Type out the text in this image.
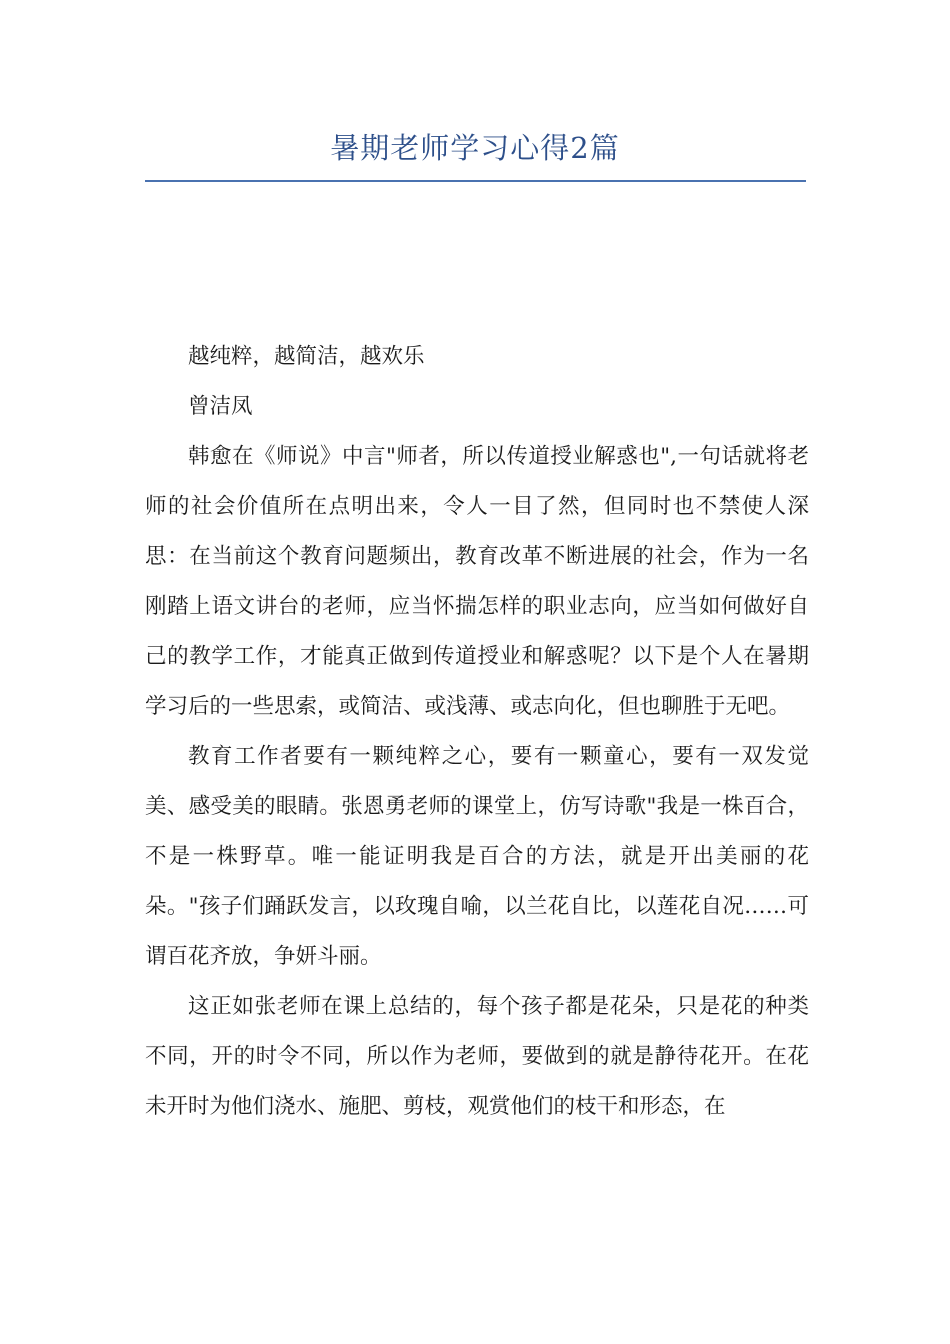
暑期老师学习心得2篇

越纯粹，越简洁，越欢乐

曾洁凤

韩愈在《师说》中言"师者，所以传道授业解惑也",一句话就将老师的社会价值所在点明出来，令人一目了然，但同时也不禁使人深思：在当前这个教育问题频出，教育改革不断进展的社会，作为一名刚踏上语文讲台的老师，应当怀揣怎样的职业志向，应当如何做好自己的教学工作，才能真正做到传道授业和解惑呢？以下是个人在暑期学习后的一些思索，或简洁、或浅薄、或志向化，但也聊胜于无吧。

教育工作者要有一颗纯粹之心，要有一颗童心，要有一双发觉美、感受美的眼睛。张恩勇老师的课堂上，仿写诗歌"我是一株百合，不是一株野草。唯一能证明我是百合的方法，就是开出美丽的花朵。"孩子们踊跃发言，以玫瑰自喻，以兰花自比，以莲花自况……可谓百花齐放，争妍斗丽。

这正如张老师在课上总结的，每个孩子都是花朵，只是花的种类不同，开的时令不同，所以作为老师，要做到的就是静待花开。在花未开时为他们浇水、施肥、剪枝，观赏他们的枝干和形态，在
